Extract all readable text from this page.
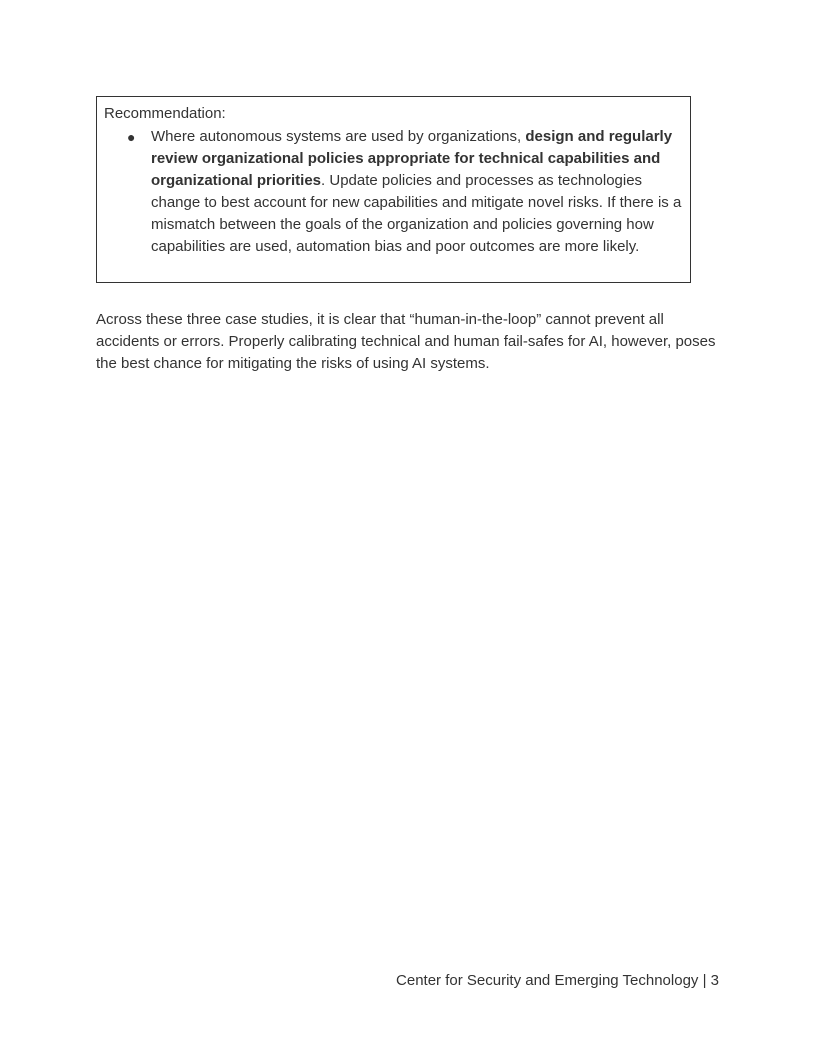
Recommendation:
● Where autonomous systems are used by organizations, design and regularly review organizational policies appropriate for technical capabilities and organizational priorities. Update policies and processes as technologies change to best account for new capabilities and mitigate novel risks. If there is a mismatch between the goals of the organization and policies governing how capabilities are used, automation bias and poor outcomes are more likely.
Across these three case studies, it is clear that “human-in-the-loop” cannot prevent all accidents or errors. Properly calibrating technical and human fail-safes for AI, however, poses the best chance for mitigating the risks of using AI systems.
Center for Security and Emerging Technology | 3
